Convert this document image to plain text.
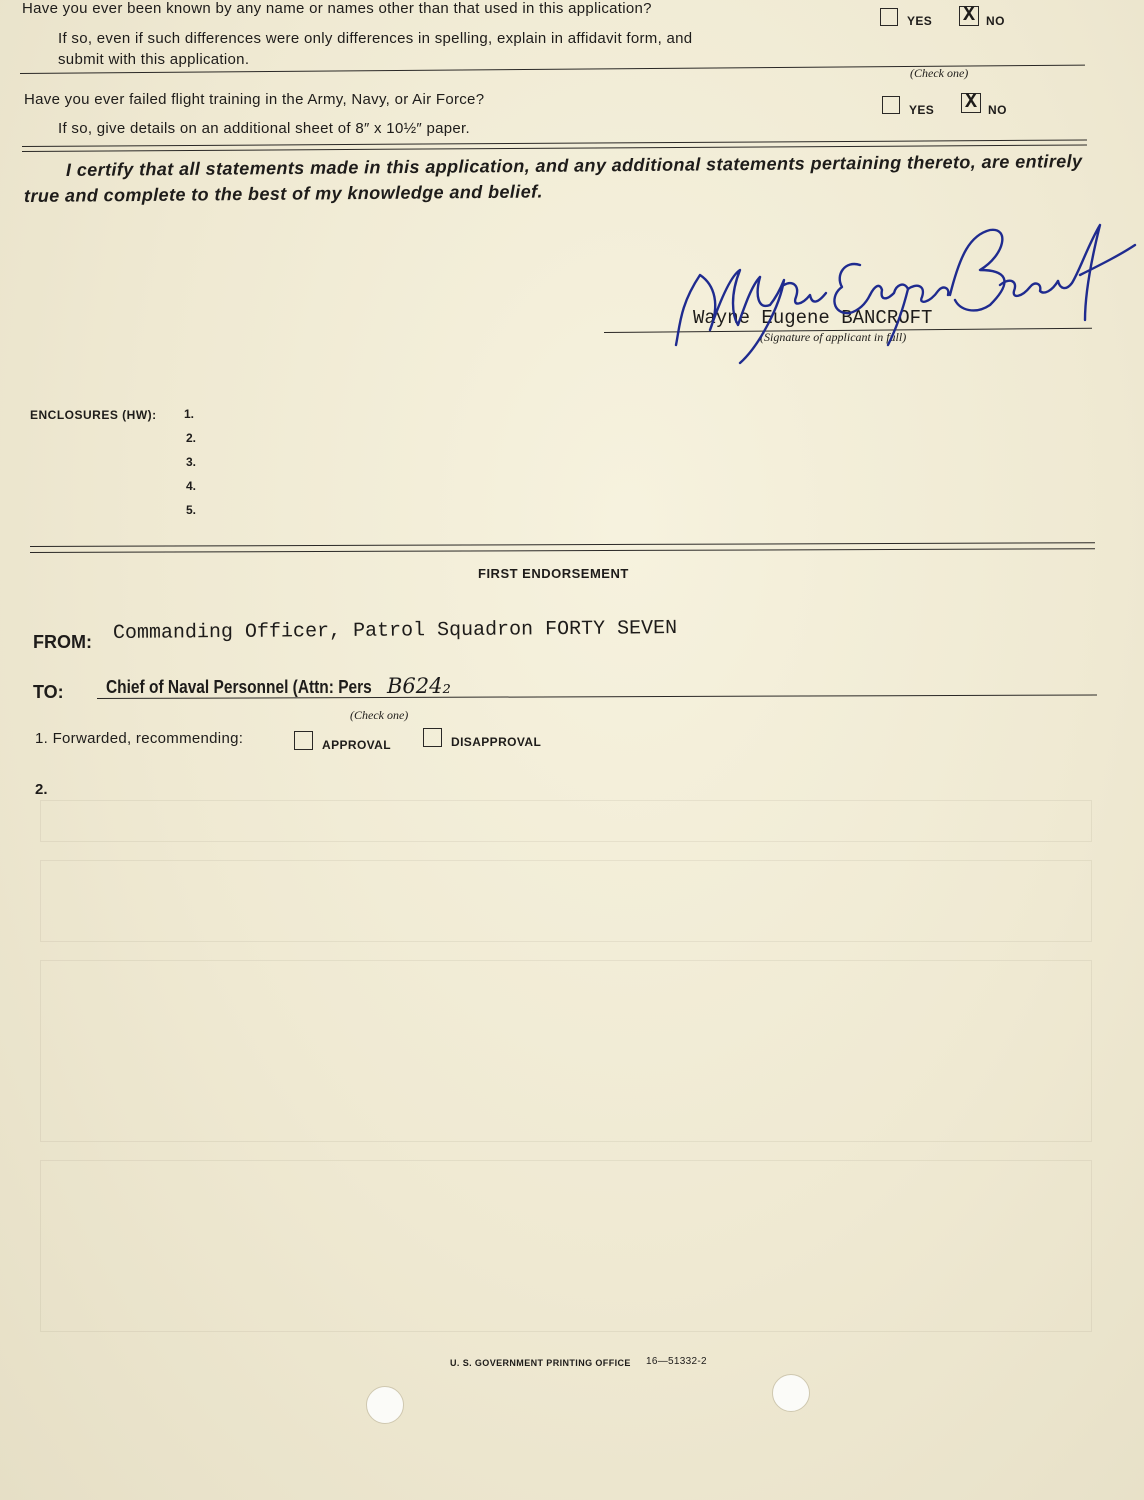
Have you ever been known by any name or names other than that used in this application?
If so, even if such differences were only differences in spelling, explain in affidavit form, and
submit with this application.
YES X NO
(Check one)
Have you ever failed flight training in the Army, Navy, or Air Force?
If so, give details on an additional sheet of 8″ x 10½″ paper.
YES X NO
I certify that all statements made in this application, and any additional statements pertaining thereto, are entirely
true and complete to the best of my knowledge and belief.
Wayne Eugene BANCROFT
(Signature of applicant in full)
ENCLOSURES (HW): 1.
2.
3.
4.
5.
FIRST ENDORSEMENT
FROM: Commanding Officer, Patrol Squadron FORTY SEVEN
TO: Chief of Naval Personnel (Attn: Pers B624₂
(Check one)
1. Forwarded, recommending:	APPROVAL	DISAPPROVAL
2.
U. S. GOVERNMENT PRINTING OFFICE 16—51332-2
